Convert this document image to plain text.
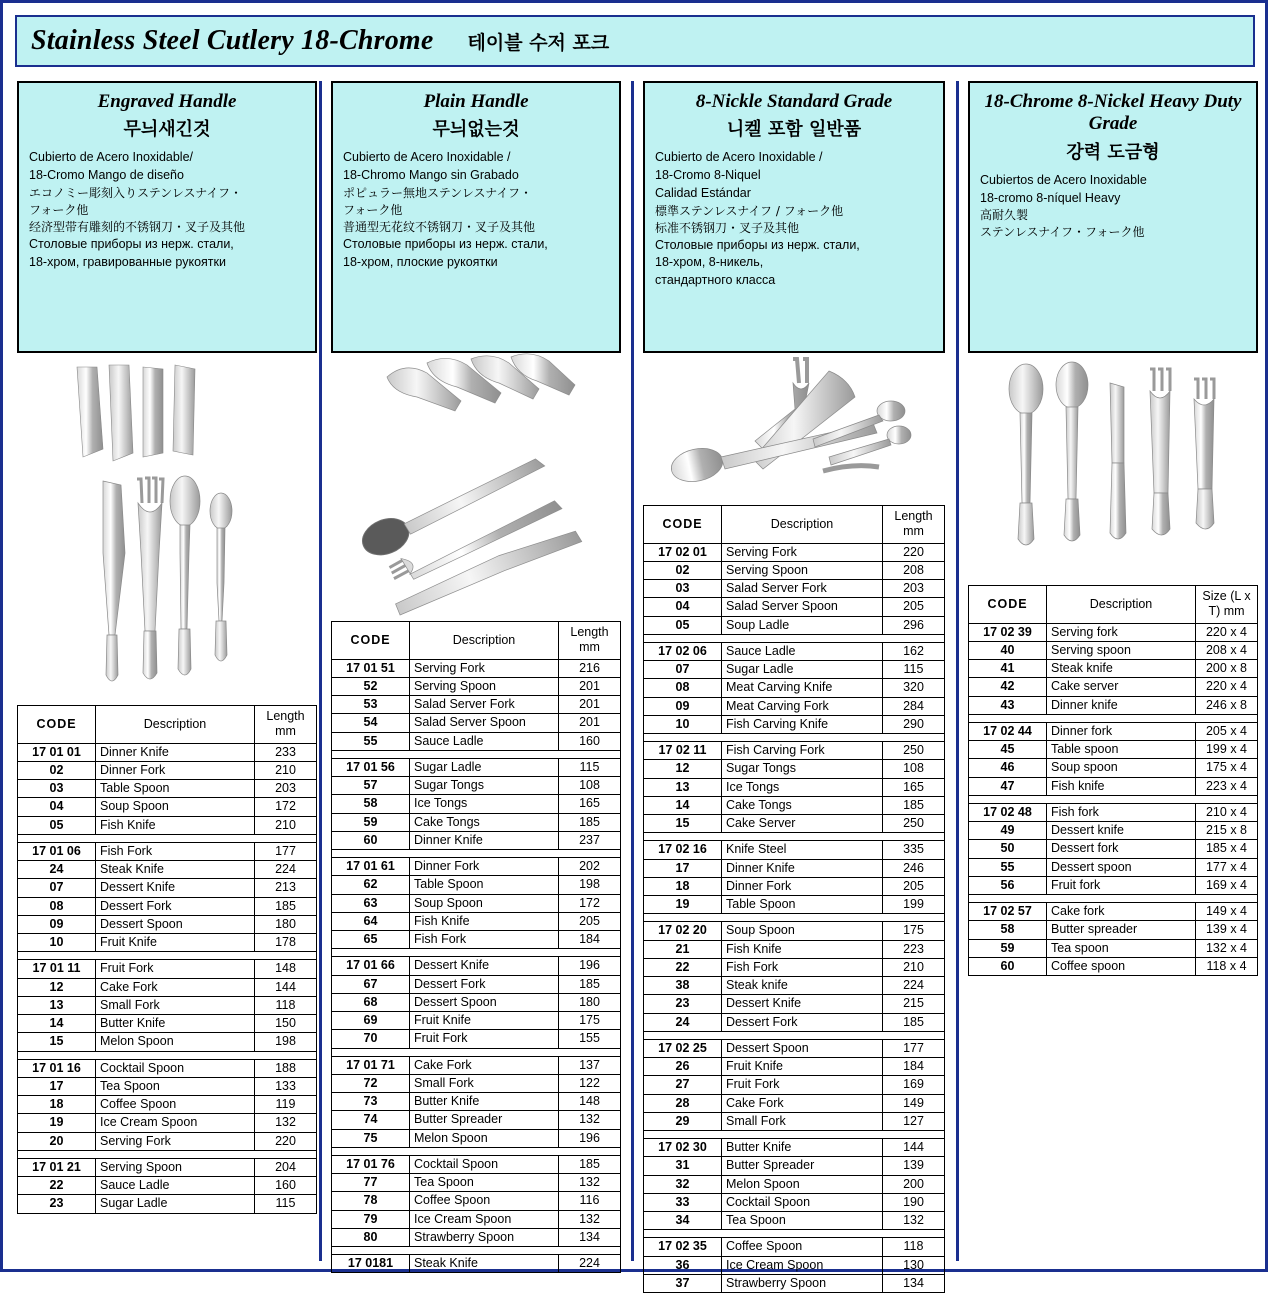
Stainless Steel Cutlery 18-Chrome 테이블 수저 포크
Engraved Handle
무늬새긴것
Cubierto de Acero Inoxidable/
18-Cromo Mango de diseño
エコノミー彫刻入りステンレスナイフ・
フォーク他
经济型带有雕刻的不锈钢刀・叉子及其他
Столовые приборы из нерж. стали,
18-хром, гравированные рукоятки
CODE	Description	Length mm
17 01 01	Dinner Knife	233
02	Dinner Fork	210
03	Table Spoon	203
04	Soup Spoon	172
05	Fish Knife	210

17 01 06	Fish Fork	177
24	Steak Knife	224
07	Dessert Knife	213
08	Dessert Fork	185
09	Dessert Spoon	180
10	Fruit Knife	178

17 01 11	Fruit Fork	148
12	Cake Fork	144
13	Small Fork	118
14	Butter Knife	150
15	Melon Spoon	198

17 01 16	Cocktail Spoon	188
17	Tea Spoon	133
18	Coffee Spoon	119
19	Ice Cream Spoon	132
20	Serving Fork	220

17 01 21	Serving Spoon	204
22	Sauce Ladle	160
23	Sugar Ladle	115
Plain Handle
무늬없는것
Cubierto de Acero Inoxidable /
18-Chromo Mango sin Grabado
ポピュラー無地ステンレスナイフ・
フォーク他
普通型无花纹不锈钢刀・叉子及其他
Столовые приборы из нерж. стали,
18-хром, плоские рукоятки
CODE	Description	Length mm
17 01 51	Serving Fork	216
52	Serving Spoon	201
53	Salad Server Fork	201
54	Salad Server Spoon	201
55	Sauce Ladle	160

17 01 56	Sugar Ladle	115
57	Sugar Tongs	108
58	Ice Tongs	165
59	Cake Tongs	185
60	Dinner Knife	237

17 01 61	Dinner Fork	202
62	Table Spoon	198
63	Soup Spoon	172
64	Fish Knife	205
65	Fish Fork	184

17 01 66	Dessert Knife	196
67	Dessert Fork	185
68	Dessert Spoon	180
69	Fruit Knife	175
70	Fruit Fork	155

17 01 71	Cake Fork	137
72	Small Fork	122
73	Butter Knife	148
74	Butter Spreader	132
75	Melon Spoon	196

17 01 76	Cocktail Spoon	185
77	Tea Spoon	132
78	Coffee Spoon	116
79	Ice Cream Spoon	132
80	Strawberry Spoon	134

17 0181	Steak Knife	224
8-Nickle Standard Grade
니켈 포함 일반품
Cubierto de Acero Inoxidable /
18-Cromo 8-Niquel
Calidad Estándar
標準ステンレスナイフ / フォーク他
标准不锈钢刀・叉子及其他
Столовые приборы из нерж. стали,
18-хром, 8-никель,
стандартного класса
CODE	Description	Length mm
17 02 01	Serving Fork	220
02	Serving Spoon	208
03	Salad Server Fork	203
04	Salad Server Spoon	205
05	Soup Ladle	296

17 02 06	Sauce Ladle	162
07	Sugar Ladle	115
08	Meat Carving Knife	320
09	Meat Carving Fork	284
10	Fish Carving Knife	290

17 02 11	Fish Carving Fork	250
12	Sugar Tongs	108
13	Ice Tongs	165
14	Cake Tongs	185
15	Cake Server	250

17 02 16	Knife Steel	335
17	Dinner Knife	246
18	Dinner Fork	205
19	Table Spoon	199

17 02 20	Soup Spoon	175
21	Fish Knife	223
22	Fish Fork	210
38	Steak knife	224
23	Dessert Knife	215
24	Dessert Fork	185

17 02 25	Dessert Spoon	177
26	Fruit Knife	184
27	Fruit Fork	169
28	Cake Fork	149
29	Small Fork	127

17 02 30	Butter Knife	144
31	Butter Spreader	139
32	Melon Spoon	200
33	Cocktail Spoon	190
34	Tea Spoon	132

17 02 35	Coffee Spoon	118
36	Ice Cream Spoon	130
37	Strawberry Spoon	134
18-Chrome 8-Nickel Heavy Duty Grade
강력 도금형
Cubiertos de Acero Inoxidable
18-cromo 8-níquel Heavy
高耐久製
ステンレスナイフ・フォーク他
CODE	Description	Size (L x T) mm
17 02 39	Serving fork	220 x 4
40	Serving spoon	208 x 4
41	Steak knife	200 x 8
42	Cake server	220 x 4
43	Dinner knife	246 x 8

17 02 44	Dinner fork	205 x 4
45	Table spoon	199 x 4
46	Soup spoon	175 x 4
47	Fish knife	223 x 4

17 02 48	Fish fork	210 x 4
49	Dessert knife	215 x 8
50	Dessert fork	185 x 4
55	Dessert spoon	177 x 4
56	Fruit fork	169 x 4

17 02 57	Cake fork	149 x 4
58	Butter spreader	139 x 4
59	Tea spoon	132 x 4
60	Coffee spoon	118 x 4
